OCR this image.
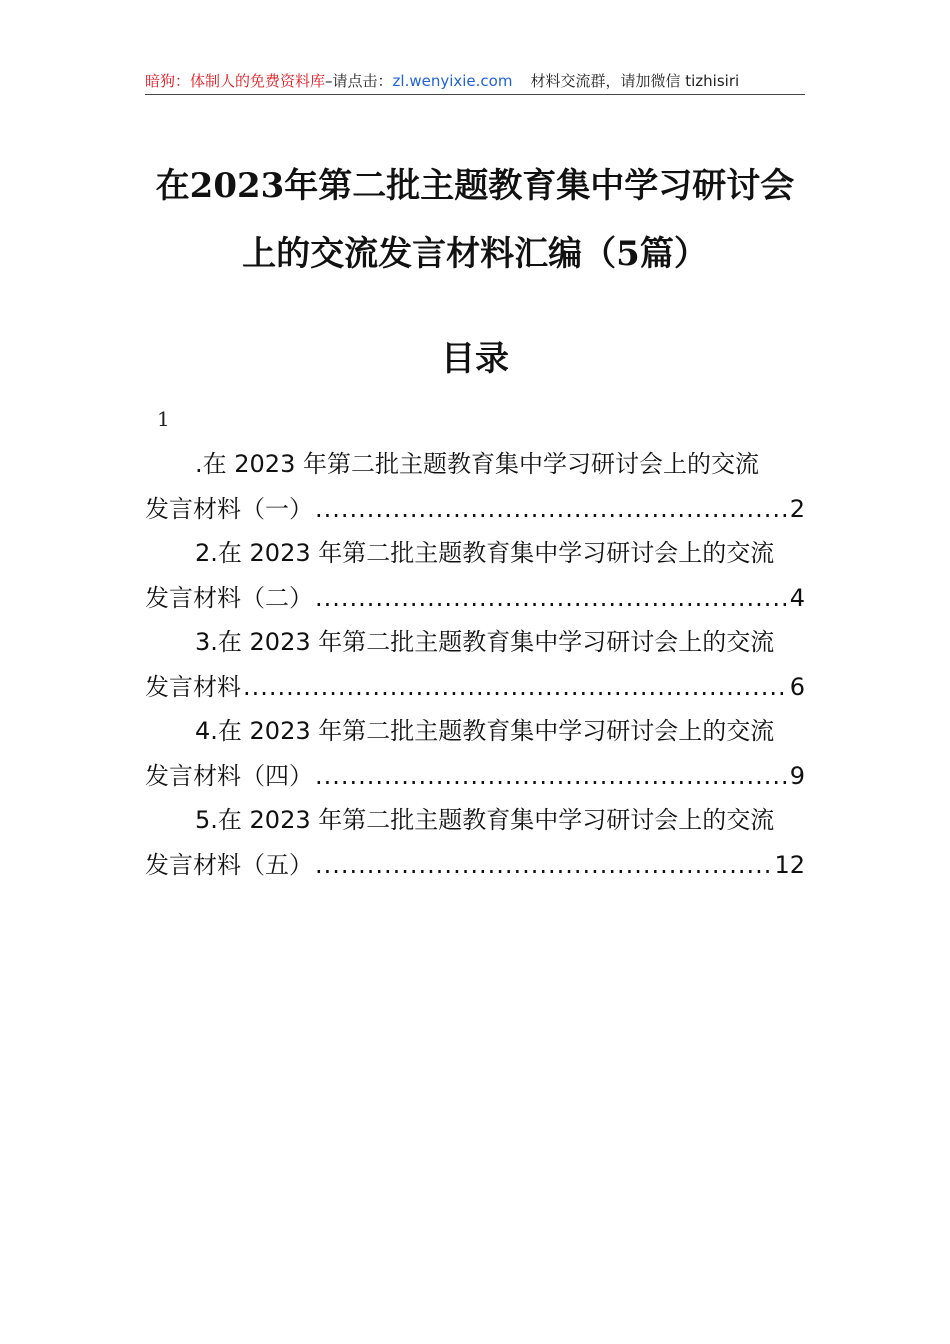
暗狗：体制人的免费资料库–请点击：zl.wenyixie.com 材料交流群，请加微信 tizhisiri
在2023年第二批主题教育集中学习研讨会
上的交流发言材料汇编（5篇）
目录
1
.在 2023 年第二批主题教育集中学习研讨会上的交流
发言材料（一） .....	2
2.在 2023 年第二批主题教育集中学习研讨会上的交流
发言材料（二） .....	4
3.在 2023 年第二批主题教育集中学习研讨会上的交流
发言材料 .....	6
4.在 2023 年第二批主题教育集中学习研讨会上的交流
发言材料（四） .....	9
5.在 2023 年第二批主题教育集中学习研讨会上的交流
发言材料（五） .....	12
